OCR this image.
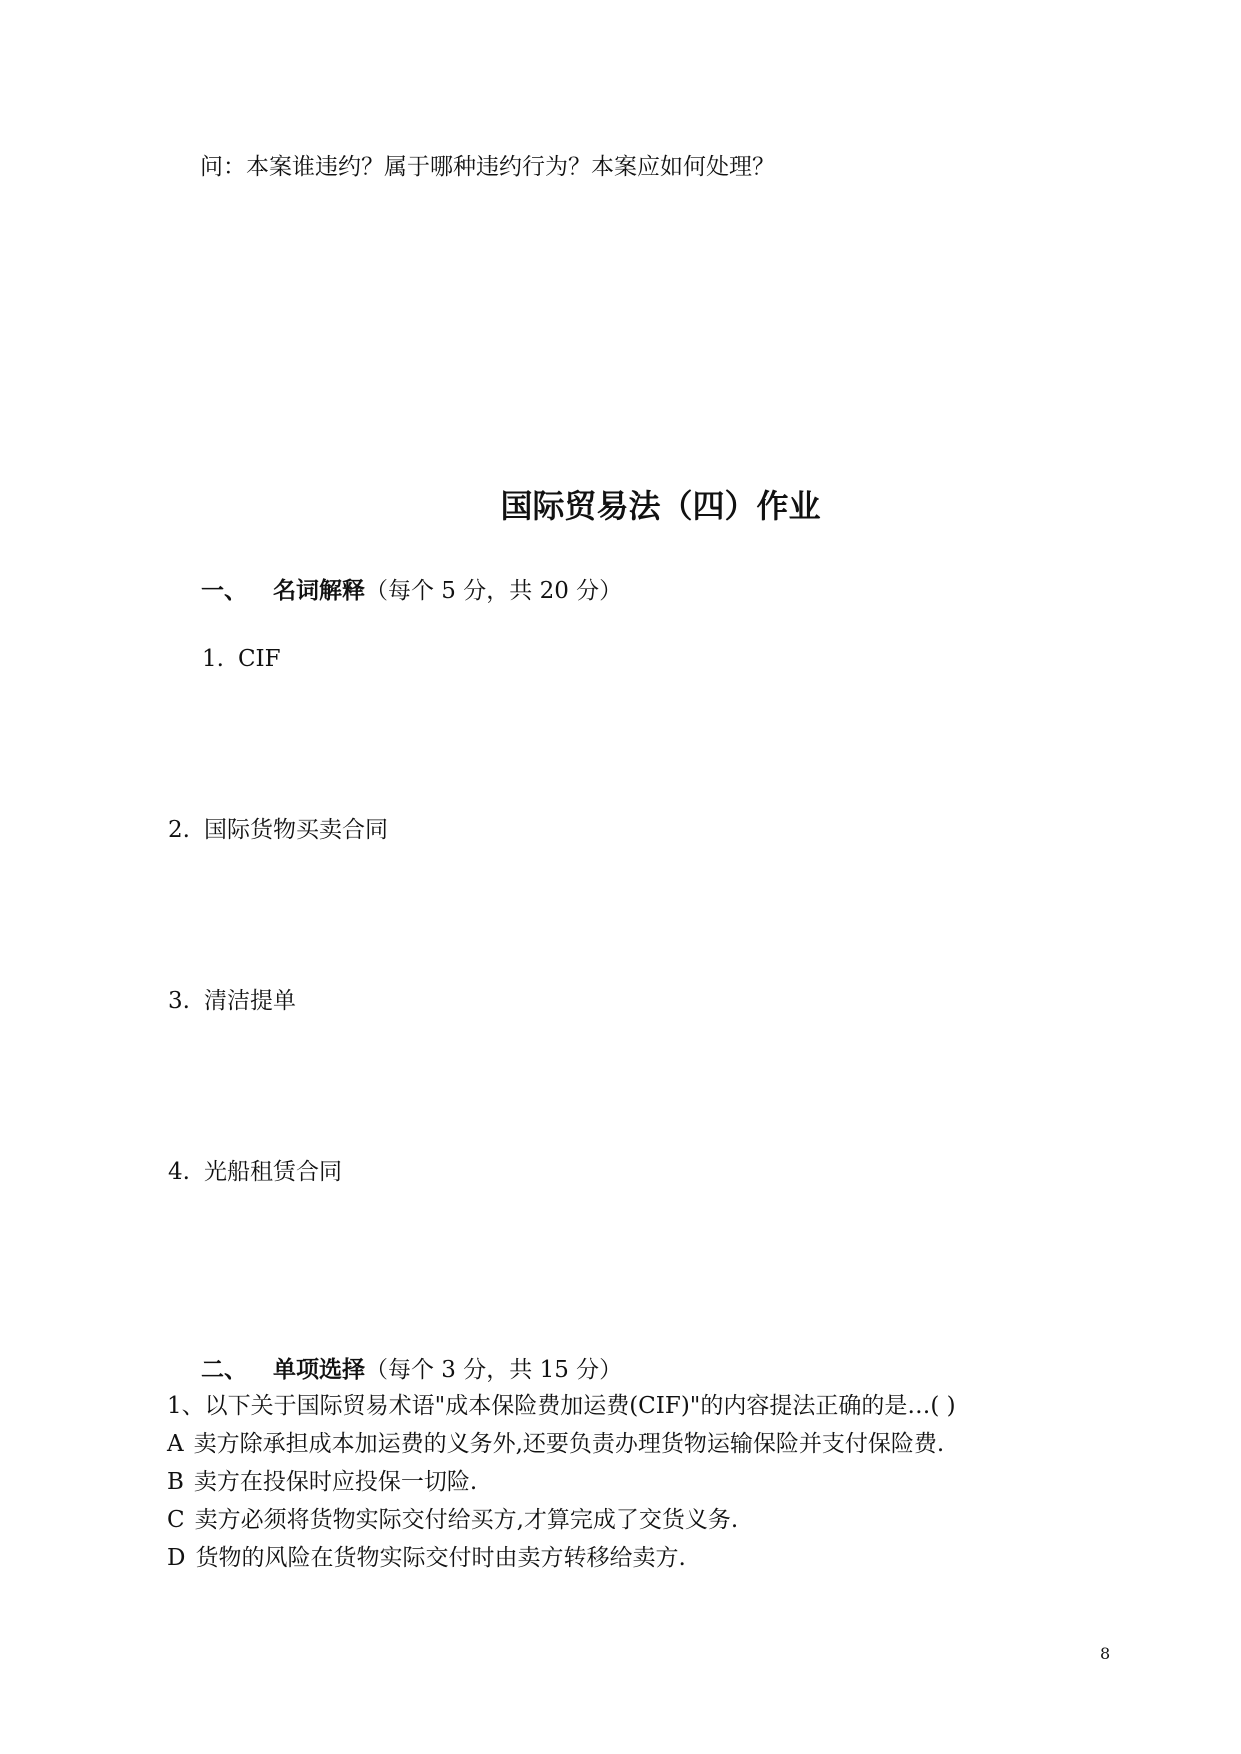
问：本案谁违约？属于哪种违约行为？本案应如何处理？
国际贸易法（四）作业
一、 名词解释（每个 5 分，共 20 分）
1. CIF
2. 国际货物买卖合同
3. 清洁提单
4. 光船租赁合同
二、 单项选择（每个 3 分，共 15 分）
1、以下关于国际贸易术语"成本保险费加运费(CIF)"的内容提法正确的是…( )
A 卖方除承担成本加运费的义务外,还要负责办理货物运输保险并支付保险费.
B 卖方在投保时应投保一切险.
C 卖方必须将货物实际交付给买方,才算完成了交货义务.
D 货物的风险在货物实际交付时由卖方转移给卖方.
8
